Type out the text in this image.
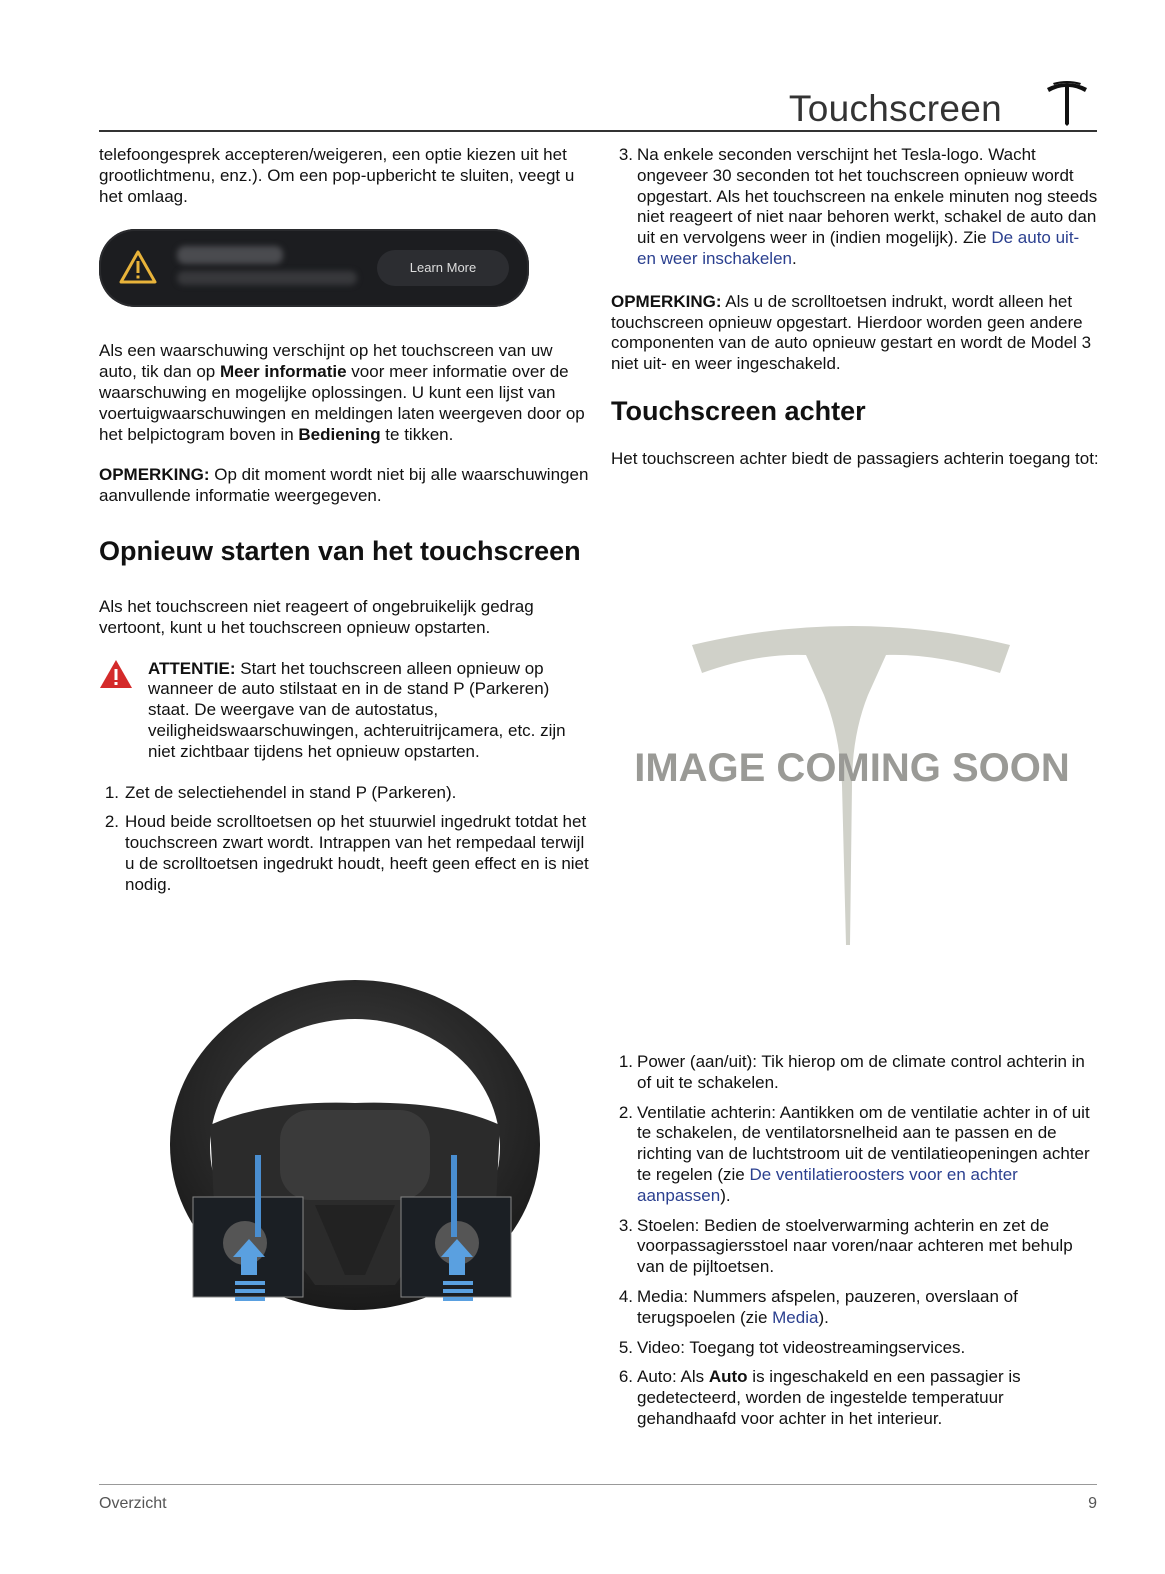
Touchscreen

telefoongesprek accepteren/weigeren, een optie kiezen uit het grootlichtmenu, enz.). Om een pop-upbericht te sluiten, veegt u het omlaag.

Learn More

Als een waarschuwing verschijnt op het touchscreen van uw auto, tik dan op Meer informatie voor meer informatie over de waarschuwing en mogelijke oplossingen. U kunt een lijst van voertuigwaarschuwingen en meldingen laten weergeven door op het belpictogram boven in Bediening te tikken.

OPMERKING: Op dit moment wordt niet bij alle waarschuwingen aanvullende informatie weergegeven.

Opnieuw starten van het touchscreen

Als het touchscreen niet reageert of ongebruikelijk gedrag vertoont, kunt u het touchscreen opnieuw opstarten.

ATTENTIE: Start het touchscreen alleen opnieuw op wanneer de auto stilstaat en in de stand P (Parkeren) staat. De weergave van de autostatus, veiligheidswaarschuwingen, achteruitrijcamera, etc. zijn niet zichtbaar tijdens het opnieuw opstarten.

1. Zet de selectiehendel in stand P (Parkeren).
2. Houd beide scrolltoetsen op het stuurwiel ingedrukt totdat het touchscreen zwart wordt. Intrappen van het rempedaal terwijl u de scrolltoetsen ingedrukt houdt, heeft geen effect en is niet nodig.
3. Na enkele seconden verschijnt het Tesla-logo. Wacht ongeveer 30 seconden tot het touchscreen opnieuw wordt opgestart. Als het touchscreen na enkele minuten nog steeds niet reageert of niet naar behoren werkt, schakel de auto dan uit en vervolgens weer in (indien mogelijk). Zie De auto uit- en weer inschakelen.

OPMERKING: Als u de scrolltoetsen indrukt, wordt alleen het touchscreen opnieuw opgestart. Hierdoor worden geen andere componenten van de auto opnieuw gestart en wordt de Model 3 niet uit- en weer ingeschakeld.

Touchscreen achter

Het touchscreen achter biedt de passagiers achterin toegang tot:

IMAGE COMING SOON
1. Power (aan/uit): Tik hierop om de climate control achterin in of uit te schakelen.
2. Ventilatie achterin: Aantikken om de ventilatie achter in of uit te schakelen, de ventilatorsnelheid aan te passen en de richting van de luchtstroom uit de ventilatieopeningen achter te regelen (zie De ventilatieroosters voor en achter aanpassen).
3. Stoelen: Bedien de stoelverwarming achterin en zet de voorpassagiersstoel naar voren/naar achteren met behulp van de pijltoetsen.
4. Media: Nummers afspelen, pauzeren, overslaan of terugspoelen (zie Media).
5. Video: Toegang tot videostreamingservices.
6. Auto: Als Auto is ingeschakeld en een passagier is gedetecteerd, worden de ingestelde temperatuur gehandhaafd voor achter in het interieur.
Overzicht	9
